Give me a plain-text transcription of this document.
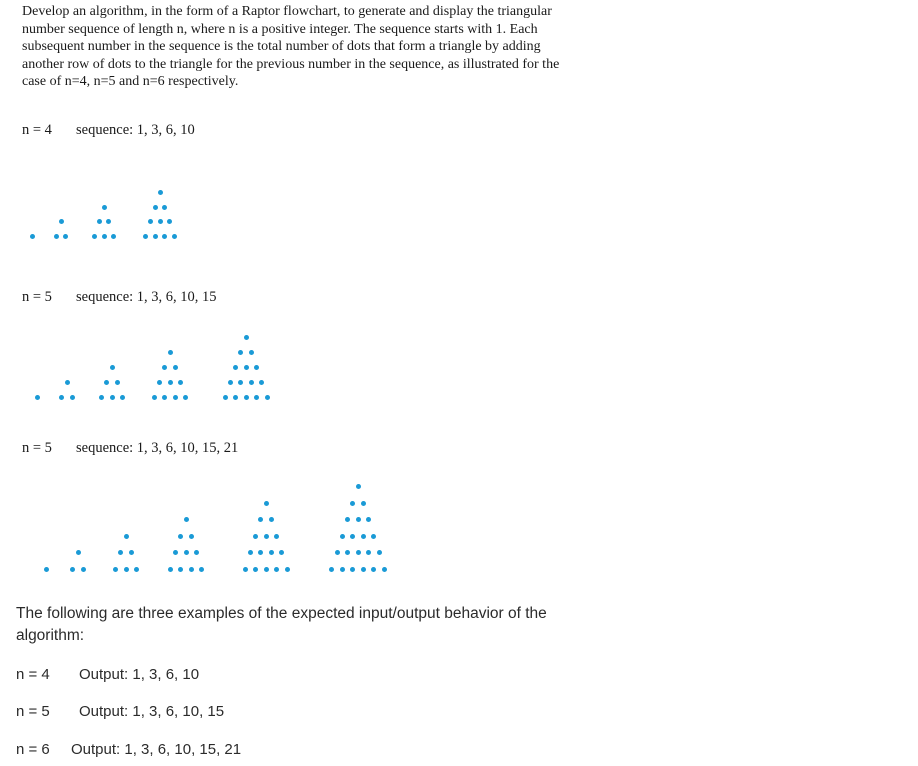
Develop an algorithm, in the form of a Raptor flowchart, to generate and display the triangular
number sequence of length n, where n is a positive integer. The sequence starts with 1. Each
subsequent number in the sequence is the total number of dots that form a triangle by adding
another row of dots to the triangle for the previous number in the sequence, as illustrated for the
case of n=4, n=5 and n=6 respectively.
n = 4 sequence: 1, 3, 6, 10
n = 5 sequence: 1, 3, 6, 10, 15
n = 5 sequence: 1, 3, 6, 10, 15, 21

The following are three examples of the expected input/output behavior of the algorithm:

n = 4 Output: 1, 3, 6, 10
n = 5 Output: 1, 3, 6, 10, 15
n = 6 Output: 1, 3, 6, 10, 15, 21
